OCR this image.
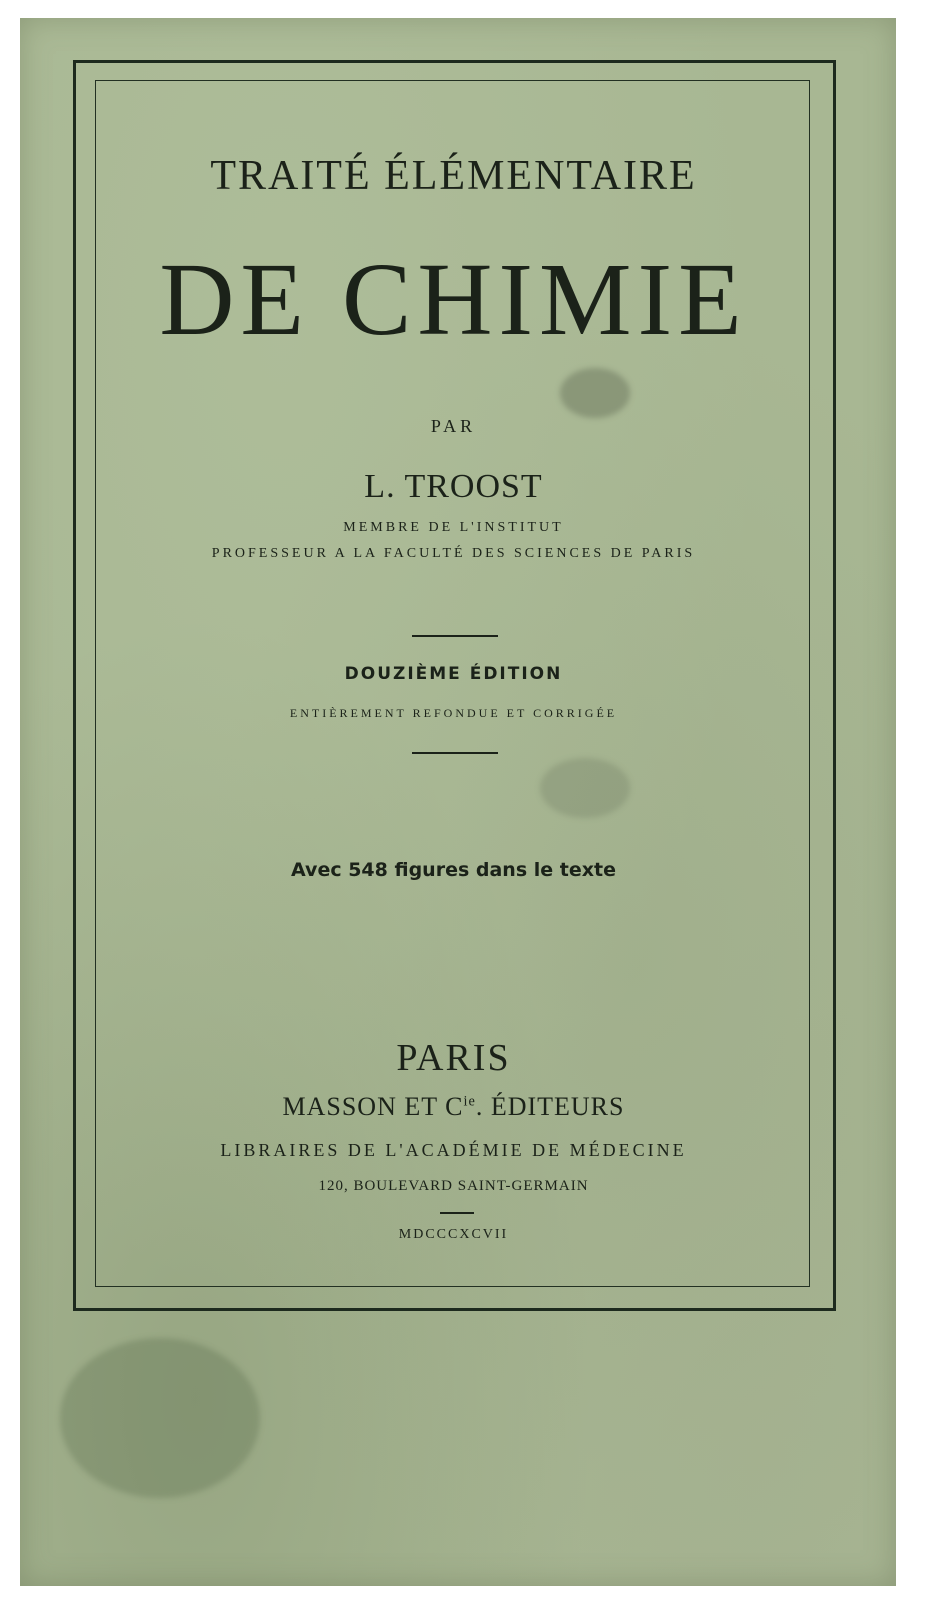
TRAITÉ ÉLÉMENTAIRE
DE CHIMIE
PAR
L. TROOST
MEMBRE DE L'INSTITUT
PROFESSEUR A LA FACULTÉ DES SCIENCES DE PARIS
DOUZIÈME ÉDITION
ENTIÈREMENT REFONDUE ET CORRIGÉE
Avec 548 figures dans le texte
PARIS
MASSON ET $C^{ie}$. ÉDITEURS
LIBRAIRES DE L'ACADÉMIE DE MÉDECINE
120, BOULEVARD SAINT-GERMAIN
MDCCCXCVII
